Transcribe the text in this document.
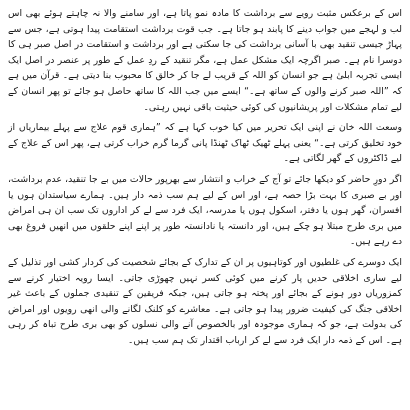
اس کے برعکس مثبت رویے سے برداشت کا مادہ نمو پاتا ہے، اور سامنے والا نہ چاہتے ہوئے بھی اس لب و لہجے میں جواب دینے کا پابند ہو جاتا ہے۔ جب قوت برداشت استقامت پیدا ہوتی ہے، جس سے پہاڑ جیسی تنقید بھی با آسانی برداشت کی جا سکتی ہے اور برداشت و استقامت در اصل صبر ہی کا دوسرا نام ہے۔ صبر اگرچہ ایک مشکل عمل ہے، مگر تنقید کے ردِ عمل کے طور پر عنصر در اصل ایک ایسی تجربہ ابلیٰ ہے جو انسان کو اللہ کے قریب لے جا کر خالق کا محبوب بنا دیتی ہے۔ قرآن میں ہے کہ ”اللہ صبر کرنے والوں کے ساتھ ہے۔“ ایسے میں جب اللہ کا ساتھ حاصل ہو جائے تو پھر انسان کے لیے تمام مشکلات اور پریشانیوں کی کوئی حیثیت باقی نہیں رہتی۔

وسعت اللہ خان نے اپنی ایک تحریر میں کیا خوب کہا ہے کہ ”ہماری قوم علاج سے پہلے بیماریاں از خود تخلیق کرتی ہے۔“ یعنی پہلے ٹھیک ٹھاک ٹھنڈا پانی گرما گرم خراب کرتی ہے، پھر اس کے علاج کے لیے ڈاکٹروں کے گھر لگاتی ہے۔

اگر دورِ حاضر کو دیکھا جائے تو آج کے خراب و انتشار سے بھرپور حالات میں بے جا تنقید، عدم برداشت، اور بے صبری کا بہت بڑا حصہ ہے، اور اس کے لیے ہم سب ذمہ دار ہیں۔ ہمارے سیاستدان ہوں یا افسران، گھر ہوں یا دفتر، اسکول ہوں یا مدرسہ، ایک فرد سے لے کر اداروں تک سب ان ہی امراض میں بری طرح مبتلا ہو چکے ہیں، اور دانستہ یا نادانستہ طور پر اپنے اپنے حلقوں میں انھیں فروغ بھی دے رہے ہیں۔

ایک دوسرے کی غلطیوں اور کوتاہیوں پر ان کے تدارک کے بجائے شخصیت کی کردار کشی اور تذلیل کے لیے ساری اخلاقی حدیں پار کرنے میں کوئی کسر نہیں چھوڑی جاتی۔ ایسا رویہ اختیار کرنے سے کمزوریاں دور ہونے کے بجائے اور پختہ ہو جاتی ہیں، جبکہ فریقین کے تنقیدی جملوں کے باعث غیر اخلاقی جنگ کی کیفیت ضرور پیدا ہو جاتی ہے۔ معاشرے کو کلنک لگانے والی انھی رویوں اور امراض کی بدولت ہے، جو کہ ہماری موجودہ اور بالخصوص آنے والی نسلوں کو بھی بری طرح تباہ کر رہی ہے۔ اس کے ذمہ دار ایک فرد سے لے کر ارباب اقتدار تک ہم سب ہیں۔
